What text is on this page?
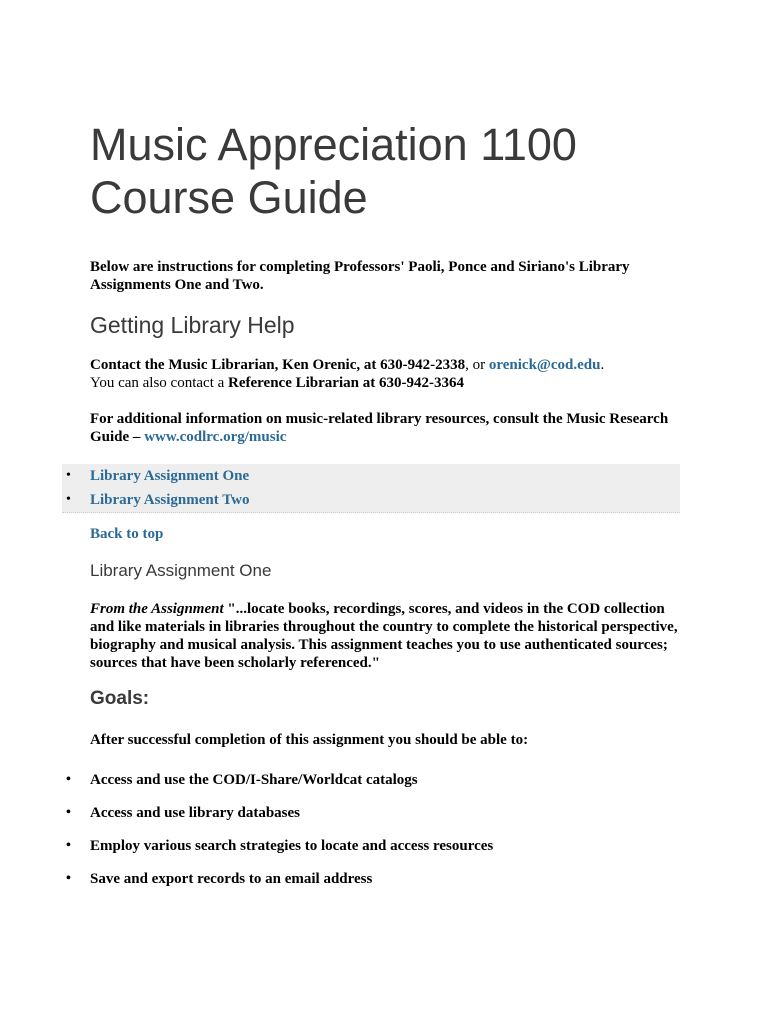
Music Appreciation 1100
Course Guide

Below are instructions for completing Professors' Paoli, Ponce and Siriano's Library Assignments One and Two.

Getting Library Help

Contact the Music Librarian, Ken Orenic, at 630-942-2338, or orenick@cod.edu.
You can also contact a Reference Librarian at 630-942-3364

For additional information on music-related library resources, consult the Music Research Guide – www.codlrc.org/music

• Library Assignment One
• Library Assignment Two
Back to top
Library Assignment One

From the Assignment "...locate books, recordings, scores, and videos in the COD collection and like materials in libraries throughout the country to complete the historical perspective, biography and musical analysis. This assignment teaches you to use authenticated sources; sources that have been scholarly referenced."

Goals:

After successful completion of this assignment you should be able to:

• Access and use the COD/I-Share/Worldcat catalogs
• Access and use library databases
• Employ various search strategies to locate and access resources
• Save and export records to an email address
